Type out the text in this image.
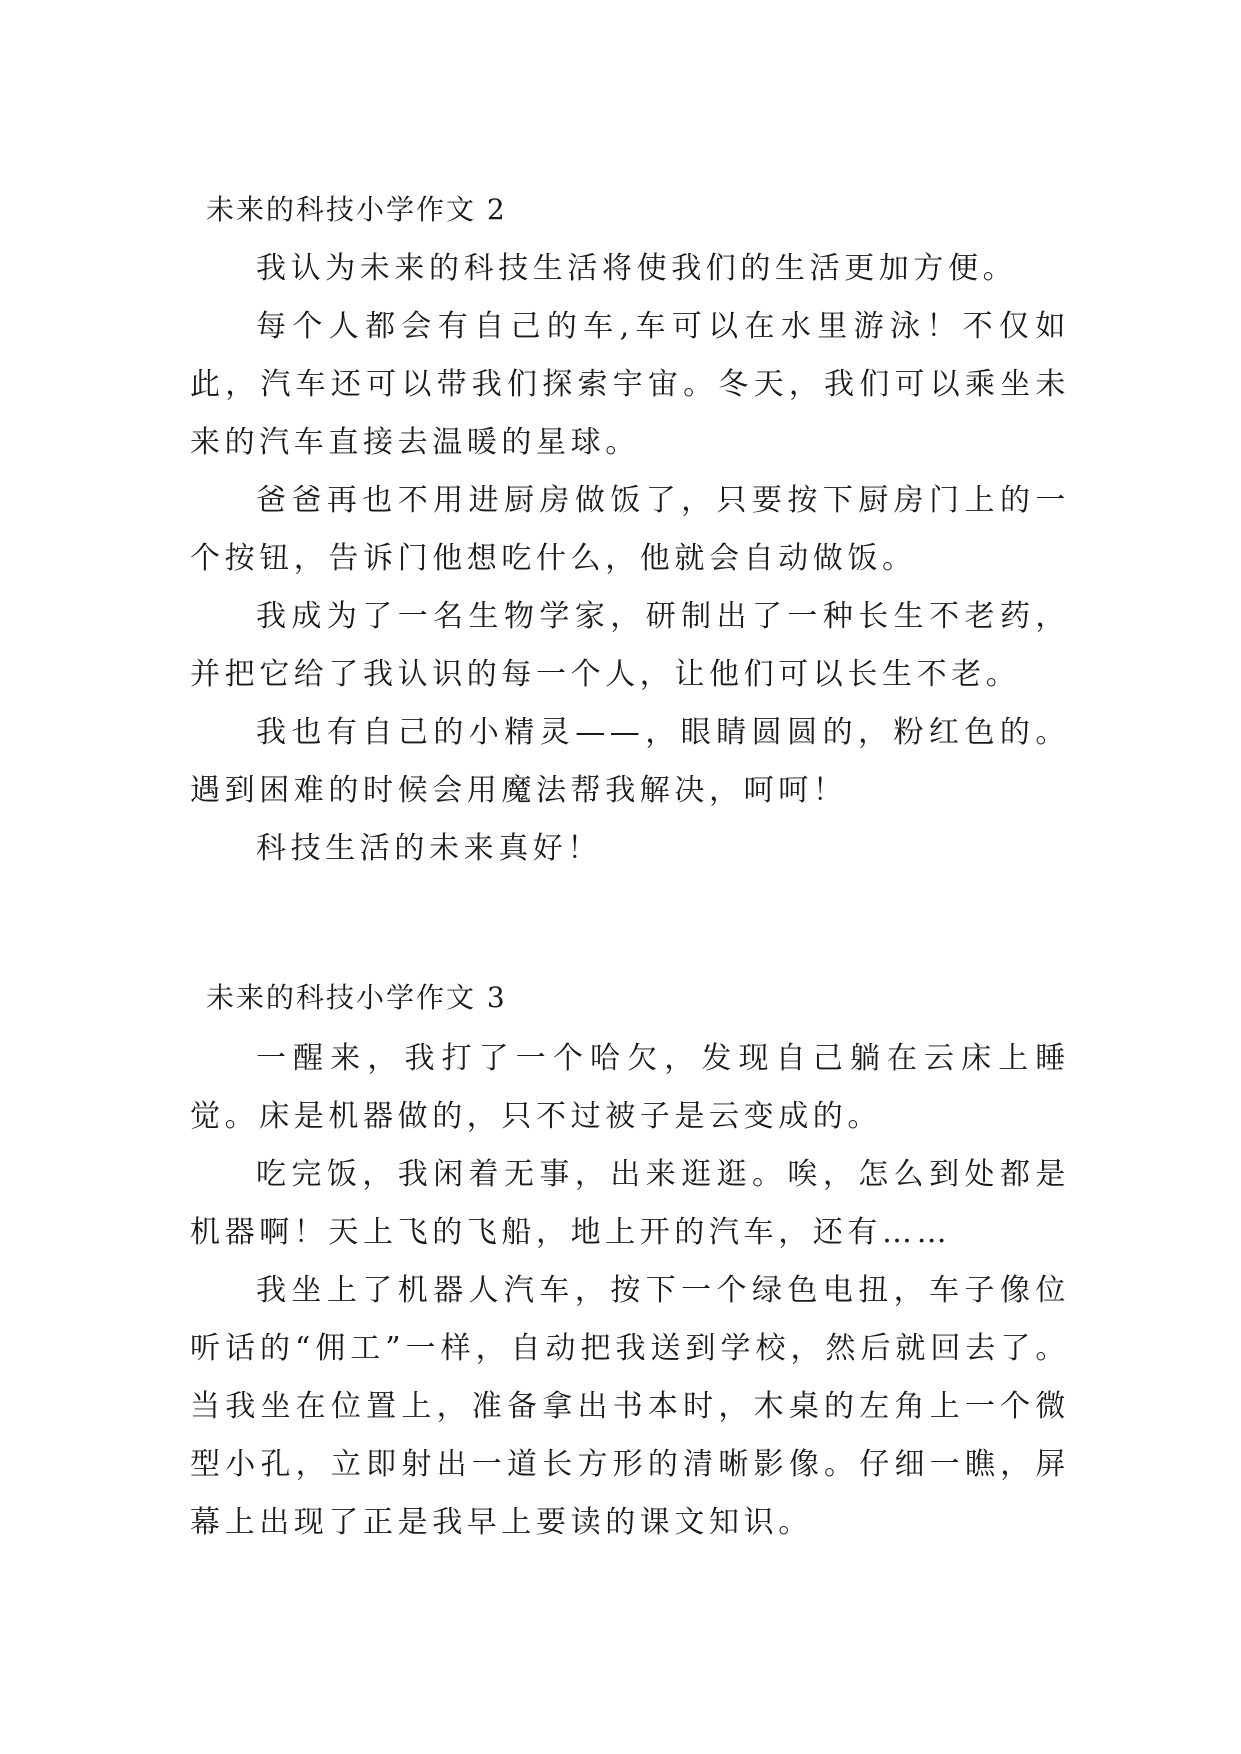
未来的科技小学作文 2

我认为未来的科技生活将使我们的生活更加方便。

每个人都会有自己的车,车可以在水里游泳！不仅如此，汽车还可以带我们探索宇宙。冬天，我们可以乘坐未来的汽车直接去温暖的星球。

爸爸再也不用进厨房做饭了，只要按下厨房门上的一个按钮，告诉门他想吃什么，他就会自动做饭。

我成为了一名生物学家，研制出了一种长生不老药，并把它给了我认识的每一个人，让他们可以长生不老。

我也有自己的小精灵——，眼睛圆圆的，粉红色的。遇到困难的时候会用魔法帮我解决，呵呵！

科技生活的未来真好！

未来的科技小学作文 3

一醒来，我打了一个哈欠，发现自己躺在云床上睡觉。床是机器做的，只不过被子是云变成的。

吃完饭，我闲着无事，出来逛逛。唉，怎么到处都是机器啊！天上飞的飞船，地上开的汽车，还有……

我坐上了机器人汽车，按下一个绿色电扭，车子像位听话的“佣工”一样，自动把我送到学校，然后就回去了。当我坐在位置上，准备拿出书本时，木桌的左角上一个微型小孔，立即射出一道长方形的清晰影像。仔细一瞧，屏幕上出现了正是我早上要读的课文知识。
